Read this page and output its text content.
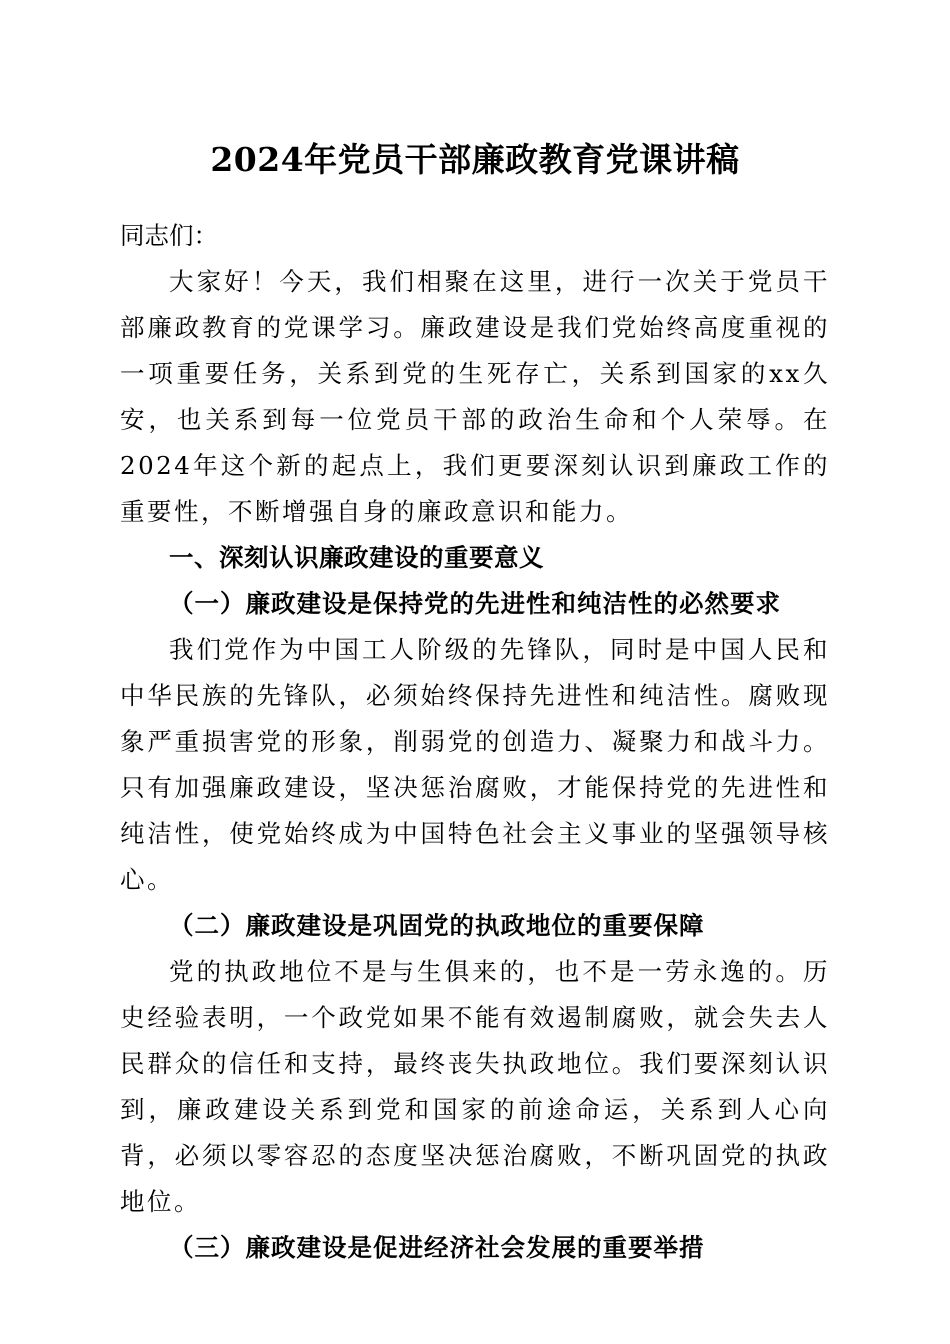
2024年党员干部廉政教育党课讲稿

同志们：

大家好！今天，我们相聚在这里，进行一次关于党员干部廉政教育的党课学习。廉政建设是我们党始终高度重视的一项重要任务，关系到党的生死存亡，关系到国家的xx久安，也关系到每一位党员干部的政治生命和个人荣辱。在2024年这个新的起点上，我们更要深刻认识到廉政工作的重要性，不断增强自身的廉政意识和能力。

一、深刻认识廉政建设的重要意义

（一）廉政建设是保持党的先进性和纯洁性的必然要求

我们党作为中国工人阶级的先锋队，同时是中国人民和中华民族的先锋队，必须始终保持先进性和纯洁性。腐败现象严重损害党的形象，削弱党的创造力、凝聚力和战斗力。只有加强廉政建设，坚决惩治腐败，才能保持党的先进性和纯洁性，使党始终成为中国特色社会主义事业的坚强领导核心。

（二）廉政建设是巩固党的执政地位的重要保障

党的执政地位不是与生俱来的，也不是一劳永逸的。历史经验表明，一个政党如果不能有效遏制腐败，就会失去人民群众的信任和支持，最终丧失执政地位。我们要深刻认识到，廉政建设关系到党和国家的前途命运，关系到人心向背，必须以零容忍的态度坚决惩治腐败，不断巩固党的执政地位。

（三）廉政建设是促进经济社会发展的重要举措
